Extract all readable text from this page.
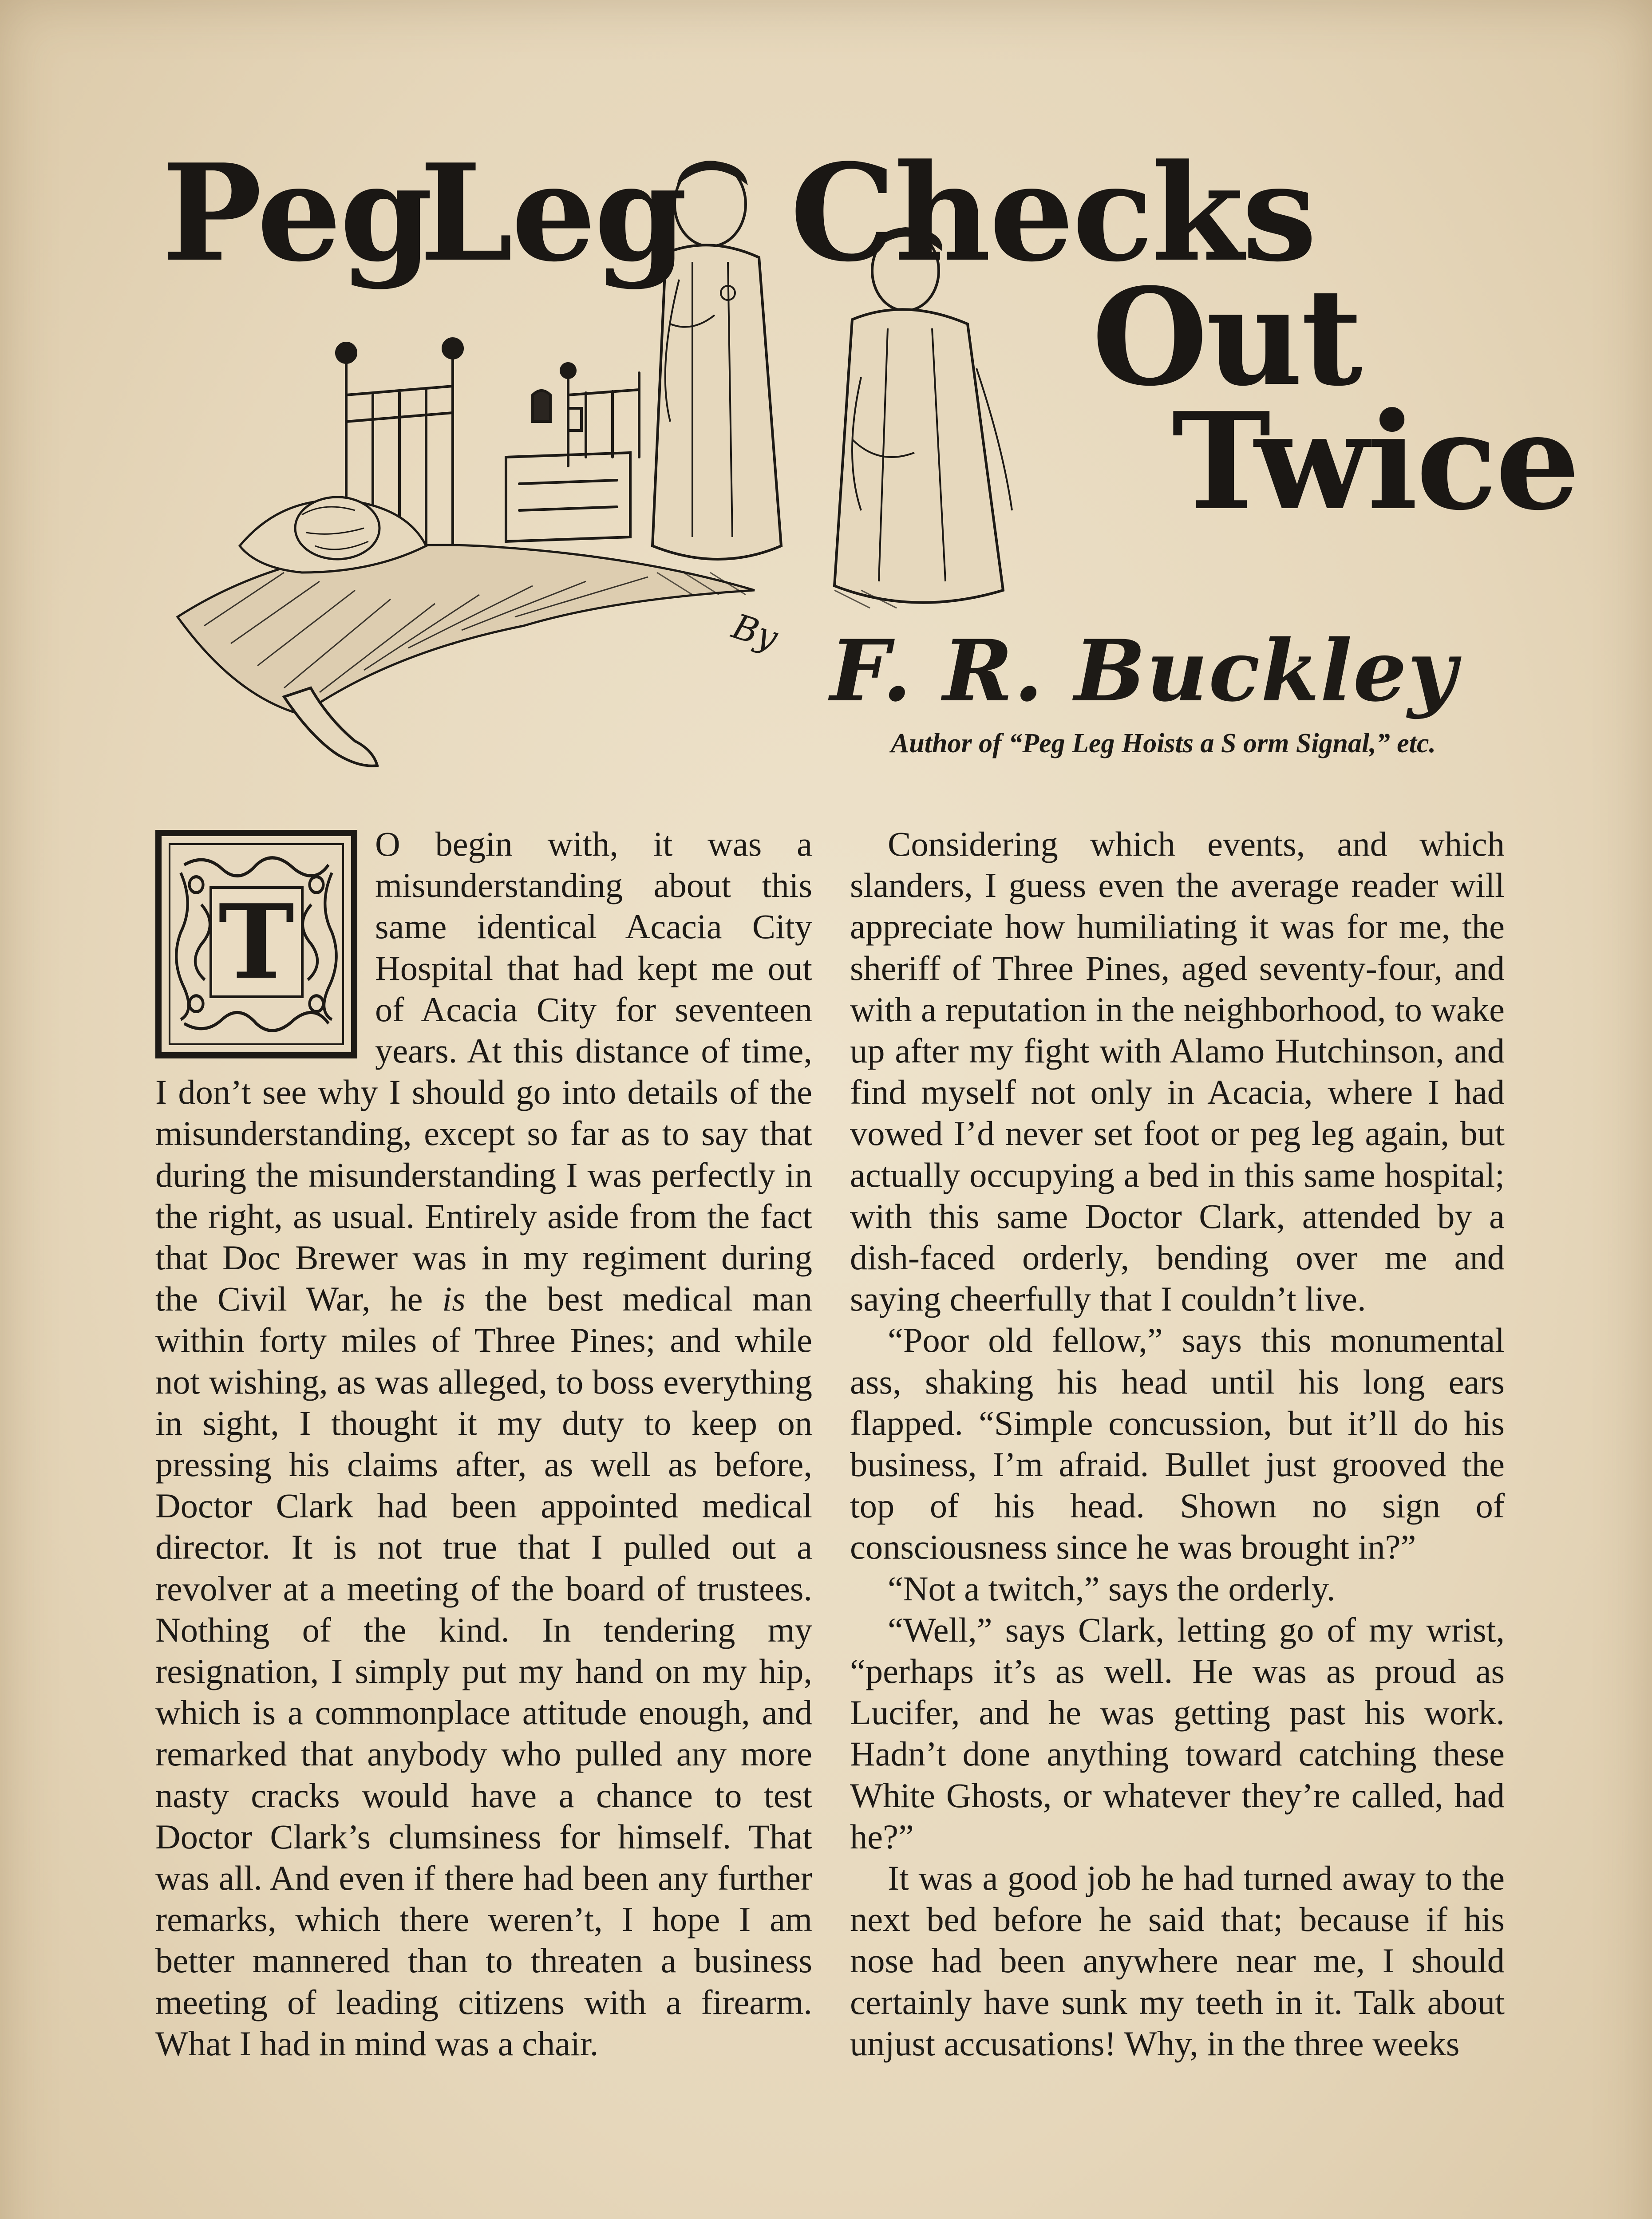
Peg
Leg Checks
Out
Twice
By F. R. Buckley
Author of “Peg Leg Hoists a S orm Signal,” etc.
T

O begin with, it was a misunderstanding about this same identical Acacia City Hospital that had kept me out of Acacia City for seventeen years. At this distance of time, I don’t see why I should go into details of the misunderstanding, except so far as to say that during the misunderstanding I was perfectly in the right, as usual. Entirely aside from the fact that Doc Brewer was in my regiment during the Civil War, he is the best medical man within forty miles of Three Pines; and while not wishing, as was alleged, to boss everything in sight, I thought it my duty to keep on pressing his claims after, as well as before, Doctor Clark had been appointed medical director. It is not true that I pulled out a revolver at a meeting of the board of trustees. Nothing of the kind. In tendering my resignation, I simply put my hand on my hip, which is a commonplace attitude enough, and remarked that anybody who pulled any more nasty cracks would have a chance to test Doctor Clark’s clumsiness for himself. That was all. And even if there had been any further remarks, which there weren’t, I hope I am better mannered than to threaten a business meeting of leading citizens with a firearm. What I had in mind was a chair.

Considering which events, and which slanders, I guess even the average reader will appreciate how humiliating it was for me, the sheriff of Three Pines, aged seventy-four, and with a reputation in the neighborhood, to wake up after my fight with Alamo Hutchinson, and find myself not only in Acacia, where I had vowed I’d never set foot or peg leg again, but actually occupying a bed in this same hospital; with this same Doctor Clark, attended by a dish-faced orderly, bending over me and saying cheerfully that I couldn’t live.

“Poor old fellow,” says this monumental ass, shaking his head until his long ears flapped. “Simple concussion, but it’ll do his business, I’m afraid. Bullet just grooved the top of his head. Shown no sign of consciousness since he was brought in?”

“Not a twitch,” says the orderly.

“Well,” says Clark, letting go of my wrist, “perhaps it’s as well. He was as proud as Lucifer, and he was getting past his work. Hadn’t done anything toward catching these White Ghosts, or whatever they’re called, had he?”

It was a good job he had turned away to the next bed before he said that; because if his nose had been anywhere near me, I should certainly have sunk my teeth in it. Talk about unjust accusations! Why, in the three weeks
